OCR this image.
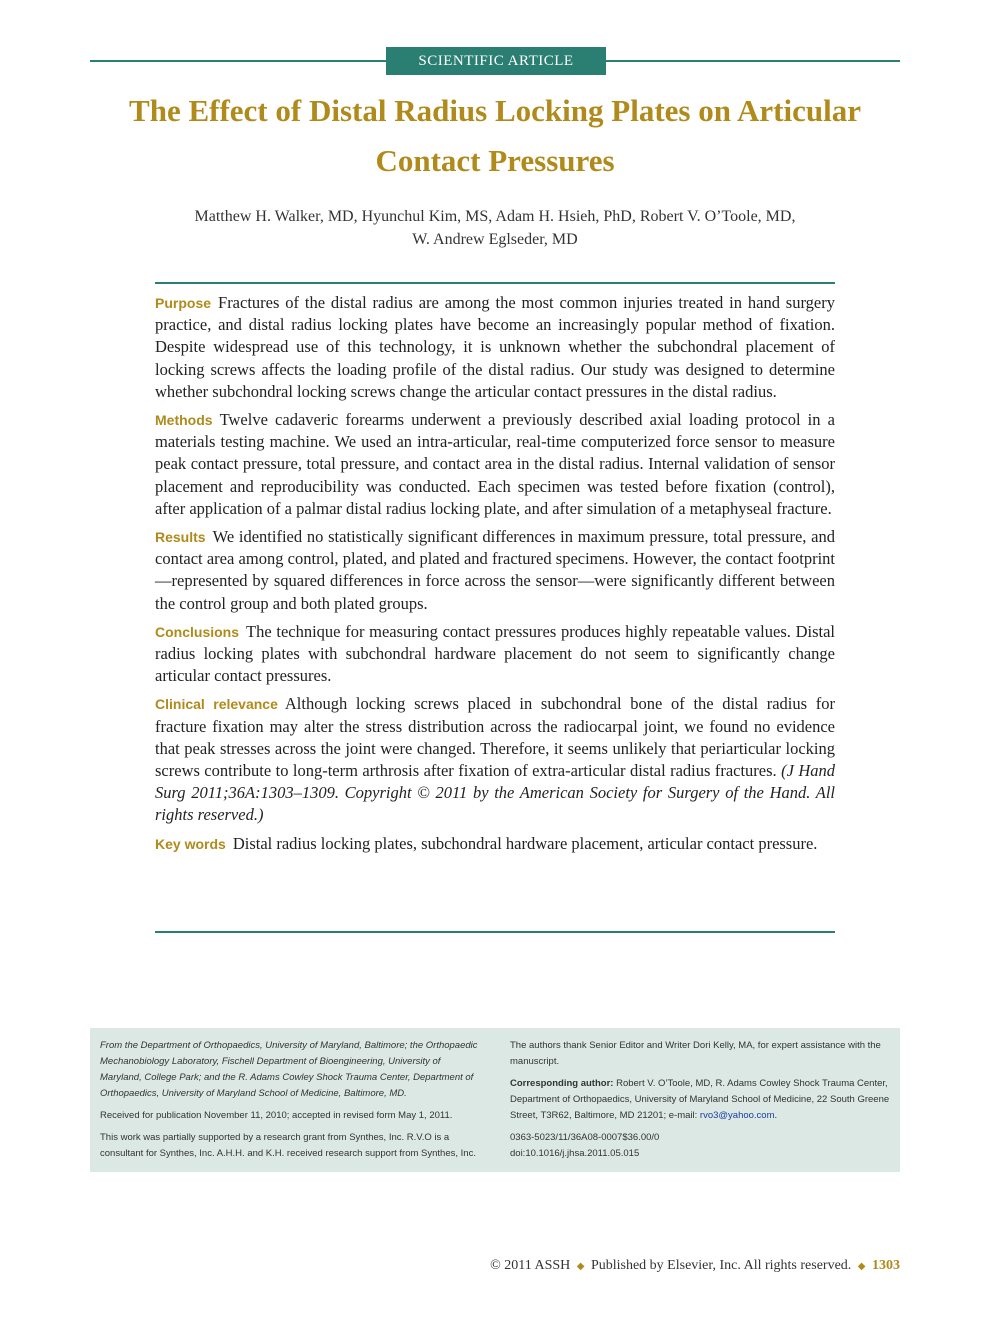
SCIENTIFIC ARTICLE
The Effect of Distal Radius Locking Plates on Articular Contact Pressures
Matthew H. Walker, MD, Hyunchul Kim, MS, Adam H. Hsieh, PhD, Robert V. O’Toole, MD,
W. Andrew Eglseder, MD

Purpose Fractures of the distal radius are among the most common injuries treated in hand surgery practice, and distal radius locking plates have become an increasingly popular method of fixation. Despite widespread use of this technology, it is unknown whether the subchondral placement of locking screws affects the loading profile of the distal radius. Our study was designed to determine whether subchondral locking screws change the articular contact pressures in the distal radius.

Methods Twelve cadaveric forearms underwent a previously described axial loading protocol in a materials testing machine. We used an intra-articular, real-time computerized force sensor to measure peak contact pressure, total pressure, and contact area in the distal radius. Internal validation of sensor placement and reproducibility was conducted. Each specimen was tested before fixation (control), after application of a palmar distal radius locking plate, and after simulation of a metaphyseal fracture.

Results We identified no statistically significant differences in maximum pressure, total pressure, and contact area among control, plated, and plated and fractured specimens. However, the contact footprint—represented by squared differences in force across the sensor—were significantly different between the control group and both plated groups.

Conclusions The technique for measuring contact pressures produces highly repeatable values. Distal radius locking plates with subchondral hardware placement do not seem to significantly change articular contact pressures.

Clinical relevance Although locking screws placed in subchondral bone of the distal radius for fracture fixation may alter the stress distribution across the radiocarpal joint, we found no evidence that peak stresses across the joint were changed. Therefore, it seems unlikely that periarticular locking screws contribute to long-term arthrosis after fixation of extra-articular distal radius fractures. (J Hand Surg 2011;36A:1303–1309. Copyright © 2011 by the American Society for Surgery of the Hand. All rights reserved.)

Key words Distal radius locking plates, subchondral hardware placement, articular contact pressure.

From the Department of Orthopaedics, University of Maryland, Baltimore; the Orthopaedic Mechanobiology Laboratory, Fischell Department of Bioengineering, University of Maryland, College Park; and the R. Adams Cowley Shock Trauma Center, Department of Orthopaedics, University of Maryland School of Medicine, Baltimore, MD.

Received for publication November 11, 2010; accepted in revised form May 1, 2011.

This work was partially supported by a research grant from Synthes, Inc. R.V.O is a consultant for Synthes, Inc. A.H.H. and K.H. received research support from Synthes, Inc.

The authors thank Senior Editor and Writer Dori Kelly, MA, for expert assistance with the manuscript.

Corresponding author: Robert V. O’Toole, MD, R. Adams Cowley Shock Trauma Center, Department of Orthopaedics, University of Maryland School of Medicine, 22 South Greene Street, T3R62, Baltimore, MD 21201; e-mail: rvo3@yahoo.com.

0363-5023/11/36A08-0007$36.00/0
doi:10.1016/j.jhsa.2011.05.015

© 2011 ASSH ◆ Published by Elsevier, Inc. All rights reserved. ◆ 1303
